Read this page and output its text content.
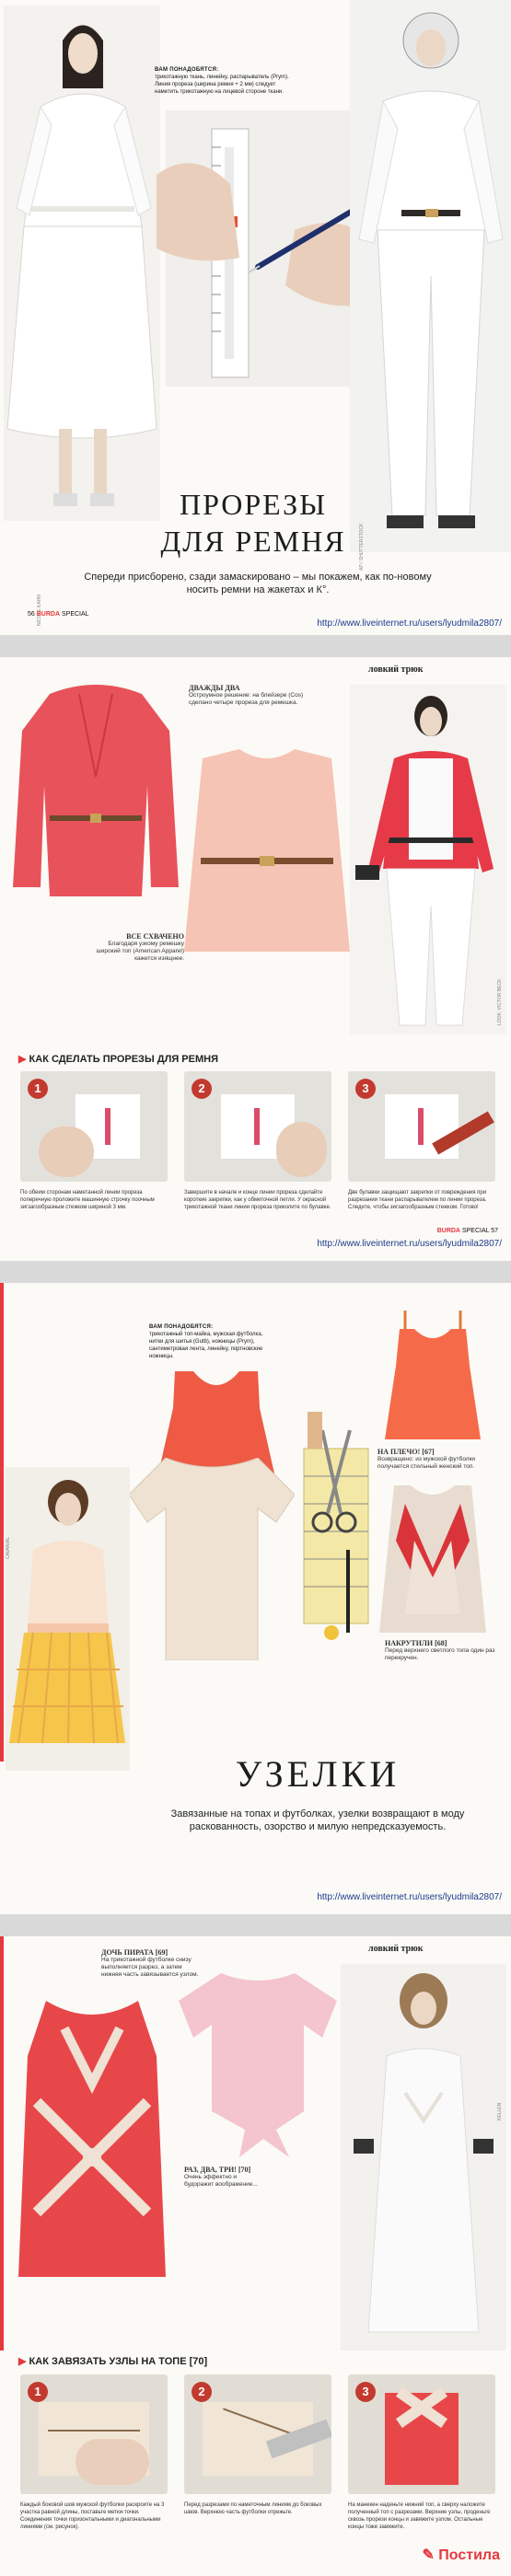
NICOLE KAHN
ВАМ ПОНАДОБЯТСЯ:
трикотажную ткань, линейку, распарыватель (Prym). Линия прореза (ширина ремня + 2 мм) следует наметить трикотажную на лицевой стороне ткани.
AP / SHUTTERSTOCK
ПРОРЕЗЫ
ДЛЯ РЕМНЯ
Спереди присборено, сзади замаскировано – мы покажем, как по-новому носить ремни на жакетах и К°.
56 BURDA SPECIAL
http://www.liveinternet.ru/users/lyudmila2807/
ловкий трюк
ДВАЖДЫ ДВА
Остроумное решение: на блейзере (Cos) сделано четыре прореза для ремешка.
ВСЕ СХВАЧЕНО
Благодаря узкому ремешку широкий топ (American Apparel) кажется изящнее.
LOOK: VICTOR BECK
▶ КАК СДЕЛАТЬ ПРОРЕЗЫ ДЛЯ РЕМНЯ
1	2	3
По обеим сторонам наметанной линии прореза поперечную проложите машинную строчку поочным зигзагообразным стежком шириной 3 мм.
Завершите в начале и конце линии прореза сделайте короткие закрепки, как у обметочной петли. У окрасной трикотажной ткани линии прореза приколите по булавке.
Две булавки защищают закрепки от повреждения при разрезании ткани распарывателем по линии прореза. Следите, чтобы зигзагообразным стежком. Готово!
BURDA SPECIAL 57
http://www.liveinternet.ru/users/lyudmila2807/
ВАМ ПОНАДОБЯТСЯ:
трикотажный топ-майка, мужская футболка, нитки для шитья (Gutb), ножницы (Prym), сантиметровая лента, линейку, портновские ножницы.
НА ПЛЕЧО! [67]
Возвращено: из мужской футболки получается стильный женский топ.
НАКРУТИЛИ [68]
Перед верхнего светлого топа один раз перекручен.
CAVANIAL
УЗЕЛКИ
Завязанные на топах и футболках, узелки возвращают в моду раскованность, озорство и милую непредсказуемость.
http://www.liveinternet.ru/users/lyudmila2807/
ловкий трюк
ДОЧЬ ПИРАТА [69]
На трикотажной футболке снизу выполняется разрез, а затем нижняя часть завязывается узлом.
РАЗ, ДВА, ТРИ! [70]
Очень эффектно и будоражит воображение...
KELLEN
▶ КАК ЗАВЯЗАТЬ УЗЛЫ НА ТОПЕ [70]
1	2	3
Каждый боковой шов мужской футболки раскроите на 3 участка равной длины, поставьте метки-точки. Соединения точки горизонтальными и диагональными линиями (см. рисунок).
Перед разрезами по наметочным линиям до боковых швов. Верхнюю часть футболки отрежьте.
На манекен наденьте нижний топ, а сверху наложите полученный топ с разрезами. Верхние узлы, проденьте сквозь прорези концы и завяжите узлом. Остальные концы тоже завяжите.
✎ Постила
